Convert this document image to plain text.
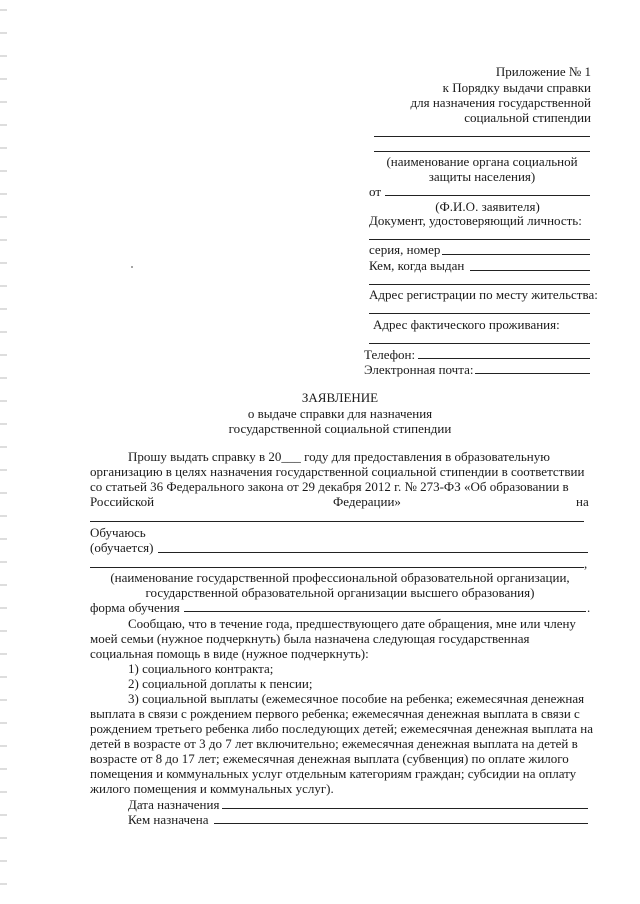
Приложение № 1
к Порядку выдачи справки
для назначения государственной
социальной стипендии
(наименование органа социальной
защиты населения)
от
(Ф.И.О. заявителя)
Документ, удостоверяющий личность:
серия, номер
Кем, когда выдан
Адрес регистрации по месту жительства:
Адрес фактического проживания:
Телефон:
Электронная почта:
ЗАЯВЛЕНИЕ
о выдаче справки для назначения
государственной социальной стипендии
Прошу выдать справку в 20___ году для предоставления в образовательную
организацию в целях назначения государственной социальной стипендии в соответствии
со статьей 36 Федерального закона от 29 декабря 2012 г. № 273-ФЗ «Об образовании в
Российской	Федерации»	на
Обучаюсь
(обучается)
,
(наименование государственной профессиональной образовательной организации,
государственной образовательной организации высшего образования)
форма обучения	.
Сообщаю, что в течение года, предшествующего дате обращения, мне или члену
моей семьи (нужное подчеркнуть) была назначена следующая государственная
социальная помощь в виде (нужное подчеркнуть):
1) социального контракта;
2) социальной доплаты к пенсии;
3) социальной выплаты (ежемесячное пособие на ребенка; ежемесячная денежная
выплата в связи с рождением первого ребенка; ежемесячная денежная выплата в связи с
рождением третьего ребенка либо последующих детей; ежемесячная денежная выплата на
детей в возрасте от 3 до 7 лет включительно; ежемесячная денежная выплата на детей в
возрасте от 8 до 17 лет; ежемесячная денежная выплата (субвенция) по оплате жилого
помещения и коммунальных услуг отдельным категориям граждан; субсидии на оплату
жилого помещения и коммунальных услуг).
Дата назначения
Кем назначена
